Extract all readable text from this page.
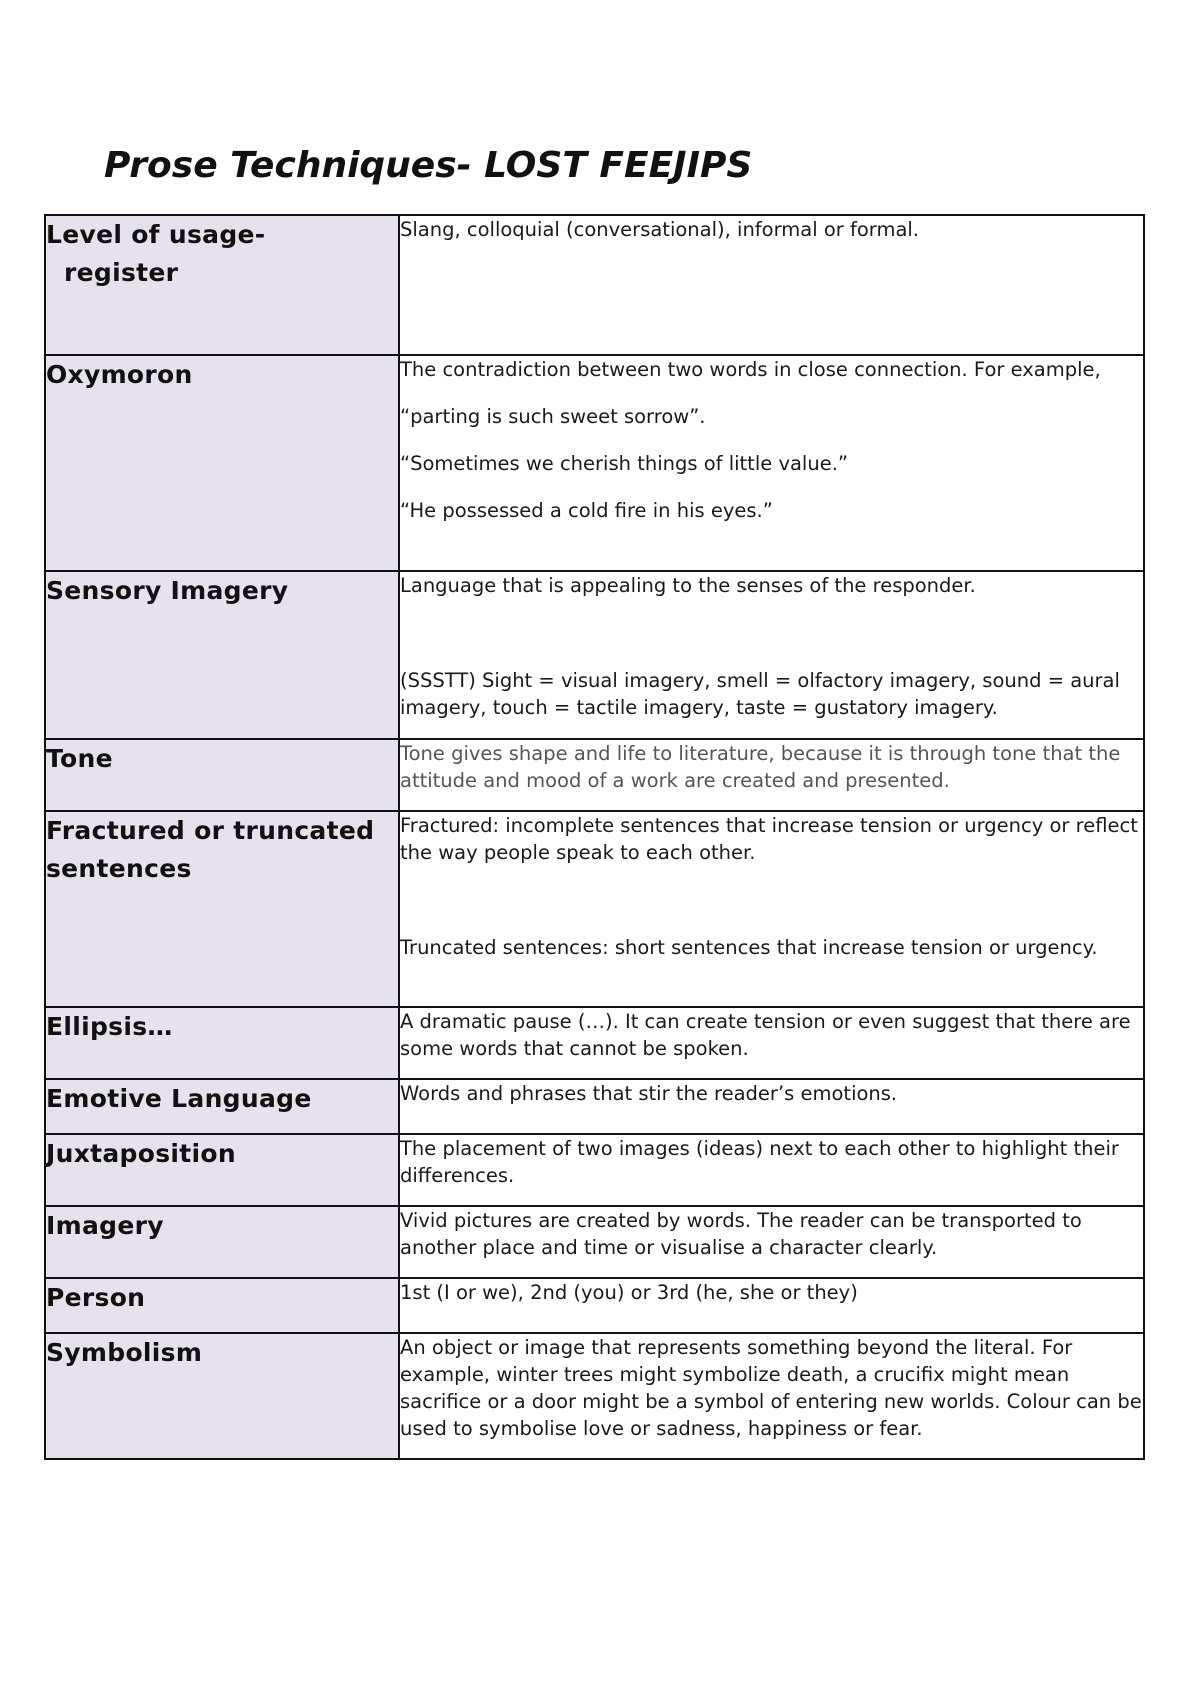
Prose Techniques- LOST FEEJIPS
Level of usage-
register	Slang, colloquial (conversational), informal or formal.

Oxymoron	The contradiction between two words in close connection. For example,

“parting is such sweet sorrow”.

“Sometimes we cherish things of little value.”

“He possessed a cold fire in his eyes.”

Sensory Imagery	Language that is appealing to the senses of the responder.

(SSSTT) Sight = visual imagery, smell = olfactory imagery, sound = aural imagery, touch = tactile imagery, taste = gustatory imagery.

Tone	Tone gives shape and life to literature, because it is through tone that the attitude and mood of a work are created and presented.

Fractured or truncated sentences	Fractured: incomplete sentences that increase tension or urgency or reflect the way people speak to each other.

Truncated sentences: short sentences that increase tension or urgency.

Ellipsis…	A dramatic pause (…). It can create tension or even suggest that there are some words that cannot be spoken.

Emotive Language	Words and phrases that stir the reader’s emotions.

Juxtaposition	The placement of two images (ideas) next to each other to highlight their differences.

Imagery	Vivid pictures are created by words. The reader can be transported to another place and time or visualise a character clearly.

Person	1st (I or we), 2nd (you) or 3rd (he, she or they)

Symbolism	An object or image that represents something beyond the literal. For example, winter trees might symbolize death, a crucifix might mean sacrifice or a door might be a symbol of entering new worlds. Colour can be used to symbolise love or sadness, happiness or fear.
